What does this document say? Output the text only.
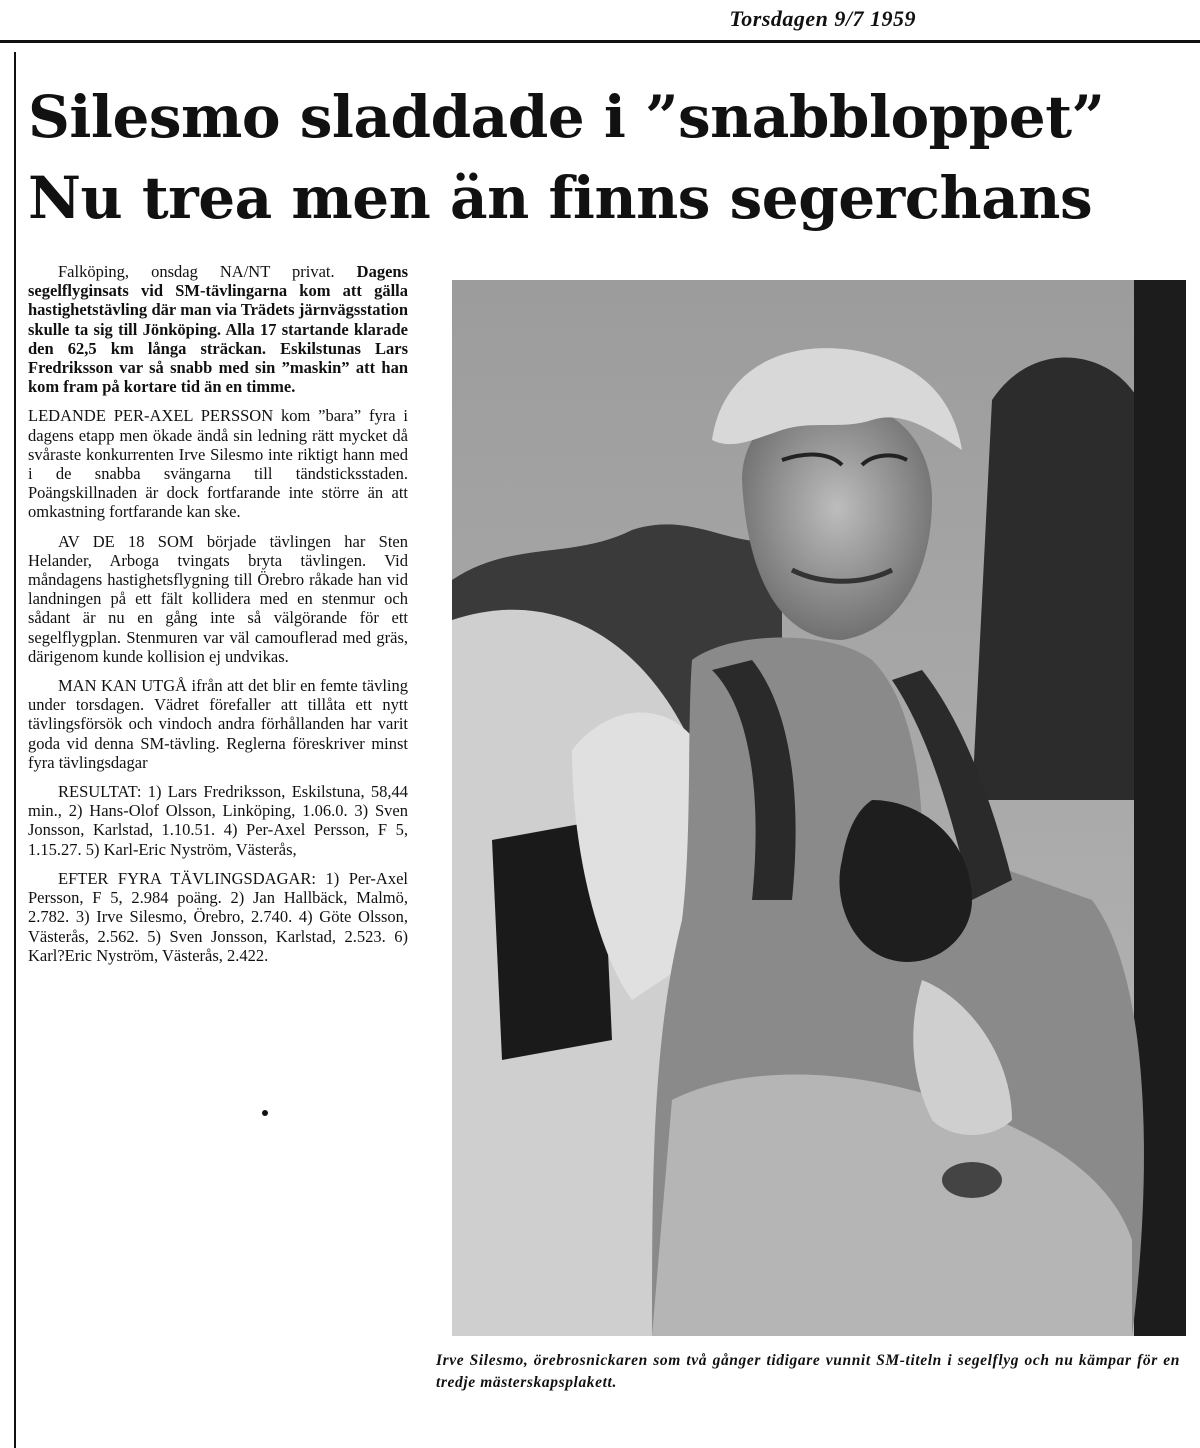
Torsdagen 9/7 1959
Silesmo sladdade i ”snabbloppet”
Nu trea men än finns segerchans

Falköping, onsdag NA/NT privat. Dagens segelflyginsats vid SM-tävlingarna kom att gälla hastighetstävling där man via Trädets järnvägsstation skulle ta sig till Jönköping. Alla 17 startande klarade den 62,5 km långa sträckan. Eskilstunas Lars Fredriksson var så snabb med sin ”maskin” att han kom fram på kortare tid än en timme.

LEDANDE PER-AXEL PERSSON kom ”bara” fyra i dagens etapp men ökade ändå sin ledning rätt mycket då svåraste konkurrenten Irve Silesmo inte riktigt hann med i de snabba svängarna till tändsticksstaden. Poängskillnaden är dock fortfarande inte större än att omkastning fortfarande kan ske.

AV DE 18 SOM började tävlingen har Sten Helander, Arboga tvingats bryta tävlingen. Vid måndagens hastighetsflygning till Örebro råkade han vid landningen på ett fält kollidera med en stenmur och sådant är nu en gång inte så välgörande för ett segelflygplan. Stenmuren var väl camouflerad med gräs, därigenom kunde kollision ej undvikas.

MAN KAN UTGÅ ifrån att det blir en femte tävling under torsdagen. Vädret förefaller att tillåta ett nytt tävlingsförsök och vindoch andra förhållanden har varit goda vid denna SM-tävling. Reglerna föreskriver minst fyra tävlingsdagar

RESULTAT: 1) Lars Fredriksson, Eskilstuna, 58,44 min., 2) Hans-Olof Olsson, Linköping, 1.06.0. 3) Sven Jonsson, Karlstad, 1.10.51. 4) Per-Axel Persson, F 5, 1.15.27. 5) Karl-Eric Nyström, Västerås,

EFTER FYRA TÄVLINGSDAGAR: 1) Per-Axel Persson, F 5, 2.984 poäng. 2) Jan Hallbäck, Malmö, 2.782. 3) Irve Silesmo, Örebro, 2.740. 4) Göte Olsson, Västerås, 2.562. 5) Sven Jonsson, Karlstad, 2.523. 6) Karl?Eric Nyström, Västerås, 2.422.

Irve Silesmo, örebrosnickaren som två gånger tidigare vunnit SM-titeln i segelflyg och nu kämpar för en tredje mästerskapsplakett.
